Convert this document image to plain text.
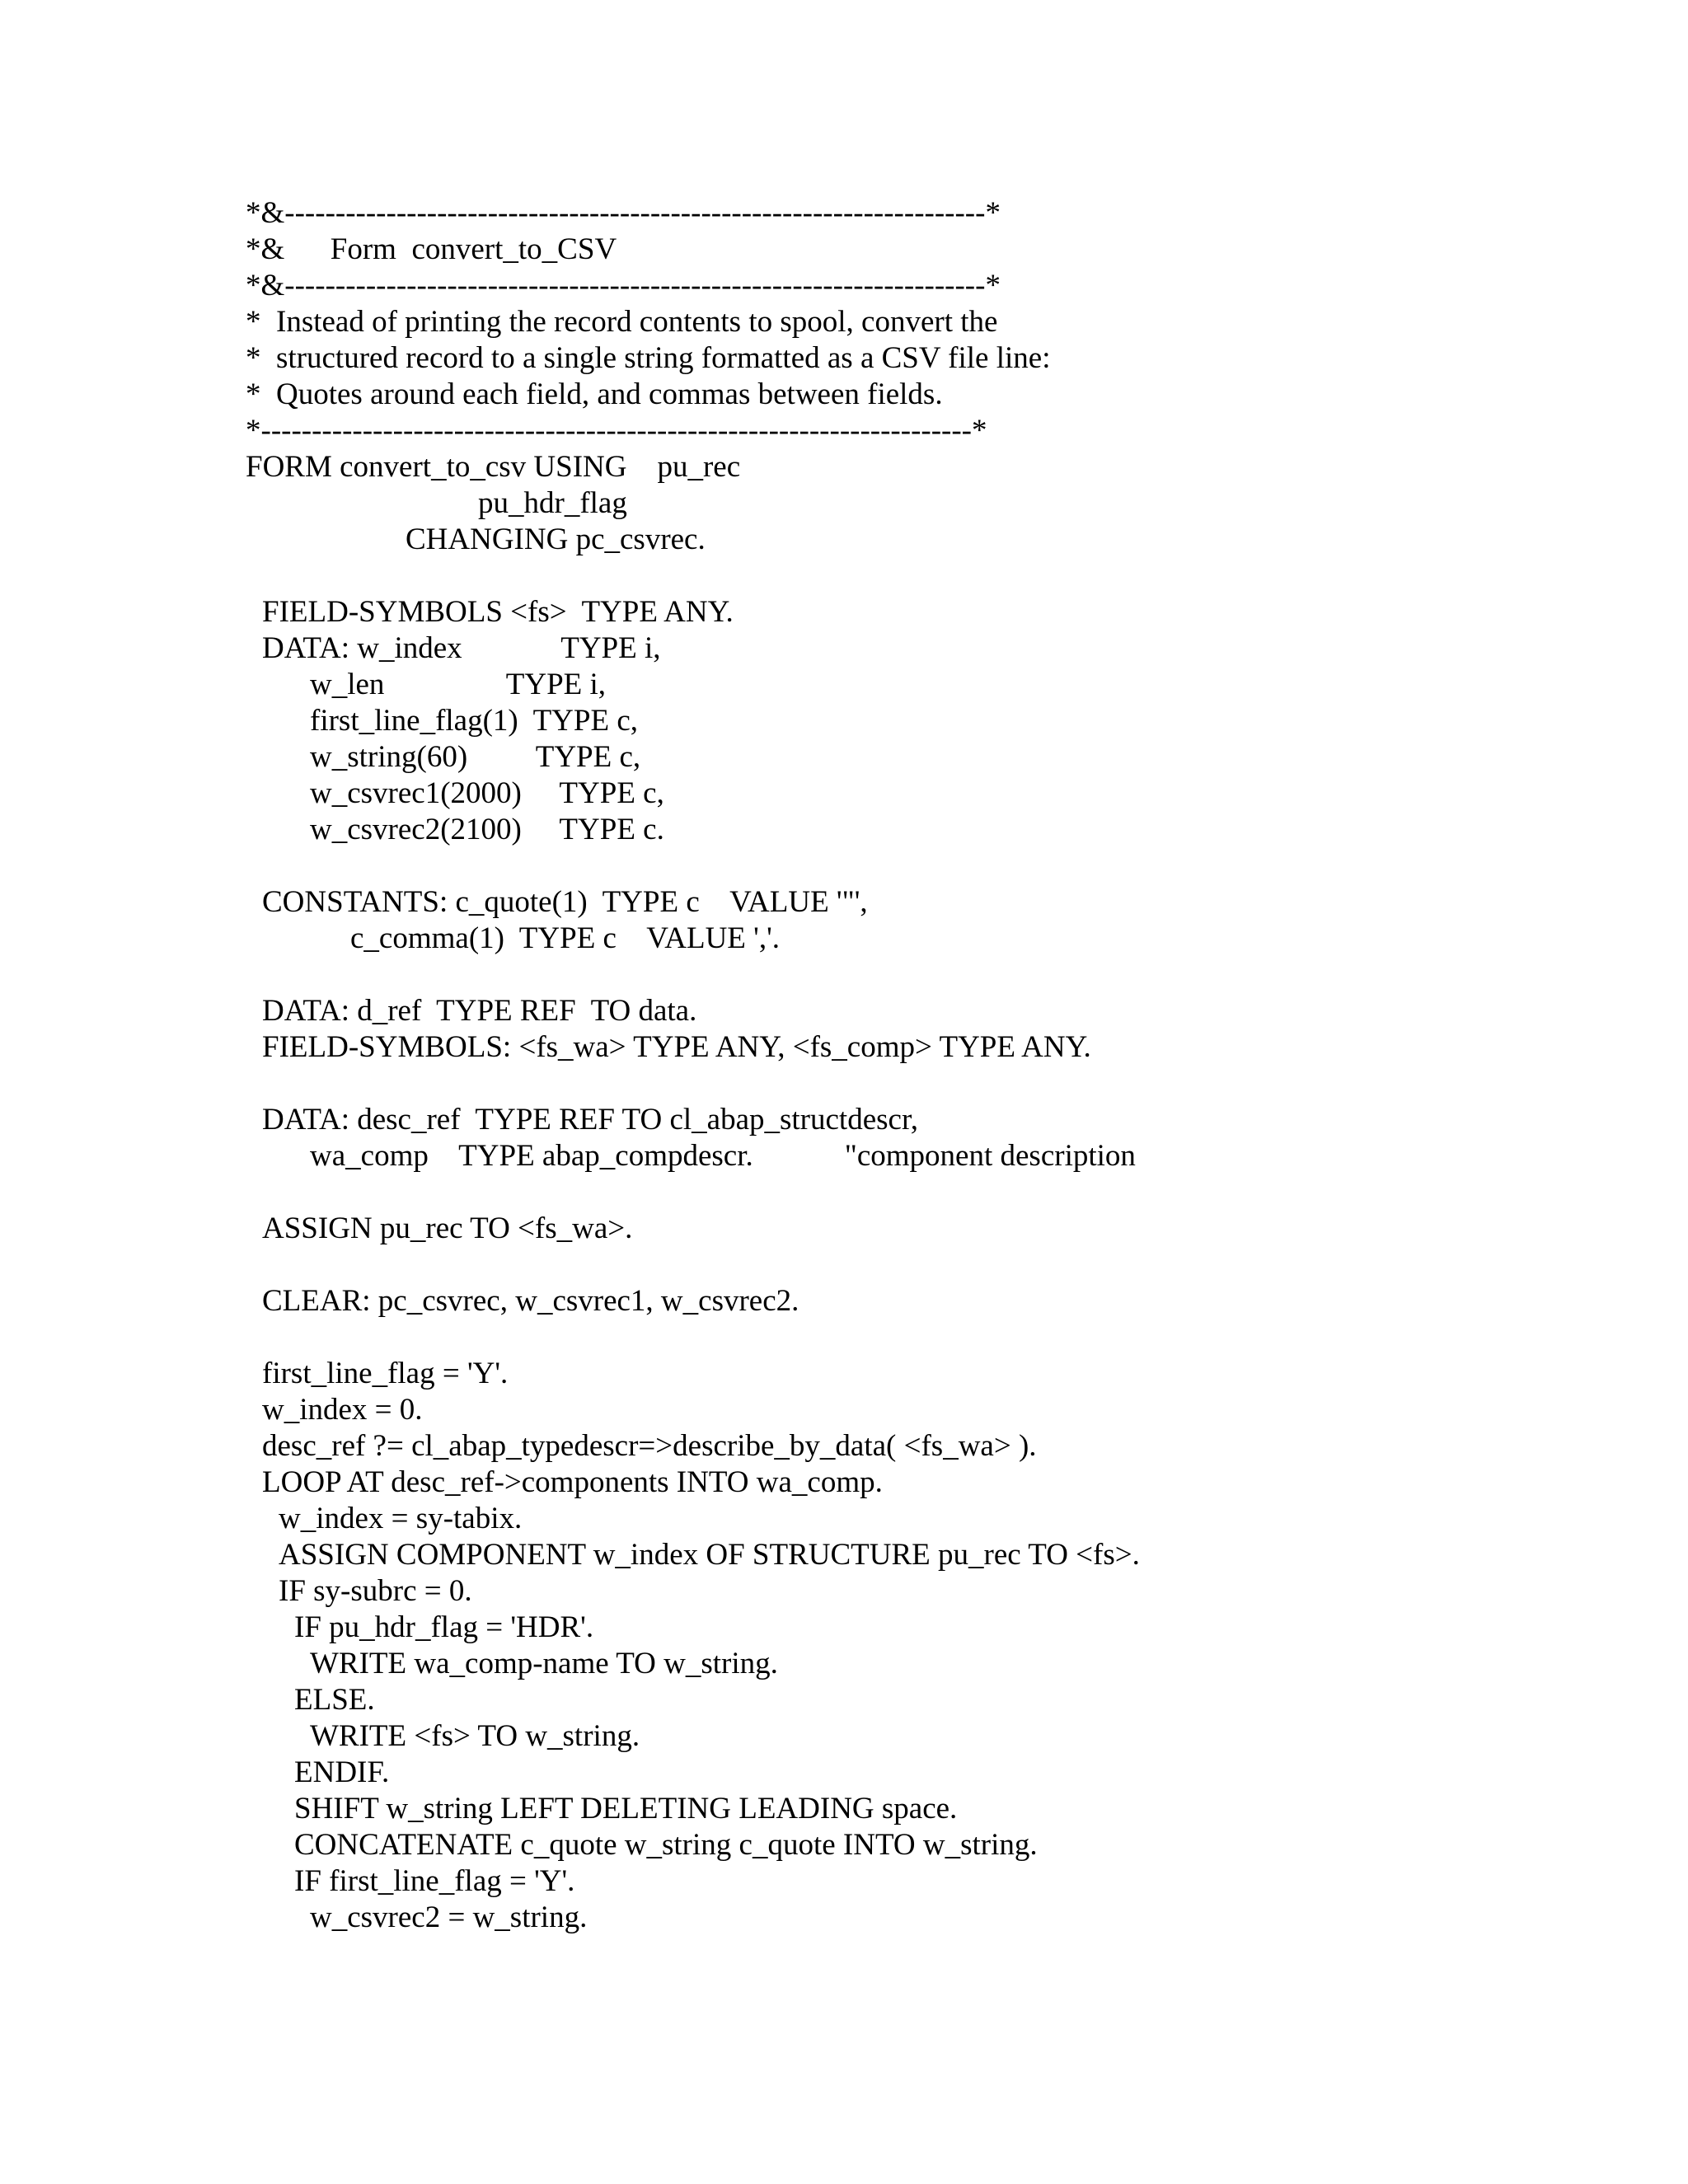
*&---------------------------------------------------------------------*
*&      Form  convert_to_CSV
*&---------------------------------------------------------------------*
*  Instead of printing the record contents to spool, convert the
*  structured record to a single string formatted as a CSV file line:
*  Quotes around each field, and commas between fields.
*----------------------------------------------------------------------*
FORM convert_to_csv USING    pu_rec
pu_hdr_flag
CHANGING pc_csvrec.
FIELD-SYMBOLS <fs>  TYPE ANY.
DATA: w_index             TYPE i,
w_len                TYPE i,
first_line_flag(1)  TYPE c,
w_string(60)         TYPE c,
w_csvrec1(2000)     TYPE c,
w_csvrec2(2100)     TYPE c.
CONSTANTS: c_quote(1)  TYPE c    VALUE '"',
c_comma(1)  TYPE c    VALUE ','.
DATA: d_ref  TYPE REF  TO data.
FIELD-SYMBOLS: <fs_wa> TYPE ANY, <fs_comp> TYPE ANY.
DATA: desc_ref  TYPE REF TO cl_abap_structdescr,
wa_comp    TYPE abap_compdescr.            "component description
ASSIGN pu_rec TO <fs_wa>.
CLEAR: pc_csvrec, w_csvrec1, w_csvrec2.
first_line_flag = 'Y'.
w_index = 0.
desc_ref ?= cl_abap_typedescr=>describe_by_data( <fs_wa> ).
LOOP AT desc_ref->components INTO wa_comp.
w_index = sy-tabix.
ASSIGN COMPONENT w_index OF STRUCTURE pu_rec TO <fs>.
IF sy-subrc = 0.
IF pu_hdr_flag = 'HDR'.
WRITE wa_comp-name TO w_string.
ELSE.
WRITE <fs> TO w_string.
ENDIF.
SHIFT w_string LEFT DELETING LEADING space.
CONCATENATE c_quote w_string c_quote INTO w_string.
IF first_line_flag = 'Y'.
w_csvrec2 = w_string.
